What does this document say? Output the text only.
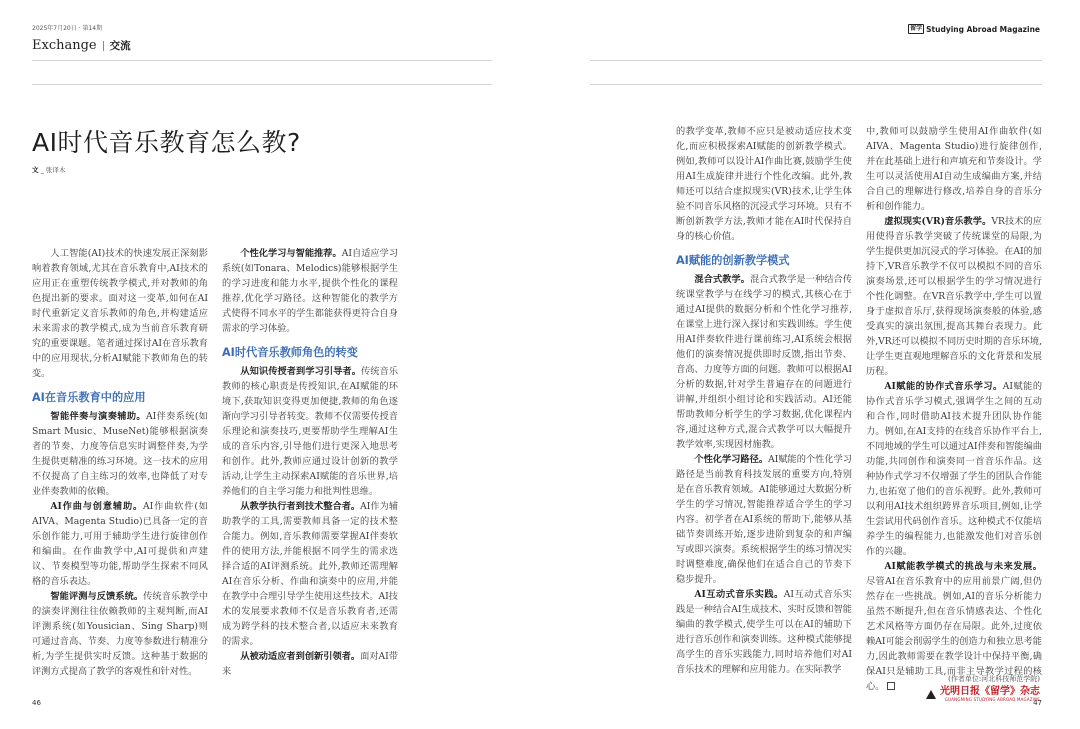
2025年7月20日 · 第14期
Exchange 交流
留学 Studying Abroad Magazine
AI时代音乐教育怎么教?
文 _ 张译木

人工智能(AI)技术的快速发展正深刻影响着教育领域,尤其在音乐教育中,AI技术的应用正在重塑传统教学模式,并对教师的角色提出新的要求。面对这一变革,如何在AI时代重新定义音乐教师的角色,并构建适应未来需求的教学模式,成为当前音乐教育研究的重要课题。笔者通过探讨AI在音乐教育中的应用现状,分析AI赋能下教师角色的转变。

AI在音乐教育中的应用

智能伴奏与演奏辅助。AI伴奏系统(如Smart Music、MuseNet)能够根据演奏者的节奏、力度等信息实时调整伴奏,为学生提供更精准的练习环境。这一技术的应用不仅提高了自主练习的效率,也降低了对专业伴奏教师的依赖。

AI作曲与创意辅助。AI作曲软件(如AIVA、Magenta Studio)已具备一定的音乐创作能力,可用于辅助学生进行旋律创作和编曲。在作曲教学中,AI可提供和声建议、节奏模型等功能,帮助学生探索不同风格的音乐表达。

智能评测与反馈系统。传统音乐教学中的演奏评测往往依赖教师的主观判断,而AI评测系统(如Yousician、Sing Sharp)则可通过音高、节奏、力度等参数进行精准分析,为学生提供实时反馈。这种基于数据的评测方式提高了教学的客观性和针对性。

个性化学习与智能推荐。AI自适应学习系统(如Tonara、Melodics)能够根据学生的学习进度和能力水平,提供个性化的课程推荐,优化学习路径。这种智能化的教学方式使得不同水平的学生都能获得更符合自身需求的学习体验。

AI时代音乐教师角色的转变

从知识传授者到学习引导者。传统音乐教师的核心职责是传授知识,在AI赋能的环境下,获取知识变得更加便捷,教师的角色逐渐向学习引导者转变。教师不仅需要传授音乐理论和演奏技巧,更要帮助学生理解AI生成的音乐内容,引导他们进行更深入地思考和创作。此外,教师应通过设计创新的教学活动,让学生主动探索AI赋能的音乐世界,培养他们的自主学习能力和批判性思维。

从教学执行者到技术整合者。AI作为辅助教学的工具,需要教师具备一定的技术整合能力。例如,音乐教师需要掌握AI伴奏软件的使用方法,并能根据不同学生的需求选择合适的AI评测系统。此外,教师还需理解AI在音乐分析、作曲和演奏中的应用,并能在教学中合理引导学生使用这些技术。AI技术的发展要求教师不仅是音乐教育者,还需成为跨学科的技术整合者,以适应未来教育的需求。

从被动适应者到创新引领者。面对AI带来

的教学变革,教师不应只是被动适应技术变化,而应积极探索AI赋能的创新教学模式。例如,教师可以设计AI作曲比赛,鼓励学生使用AI生成旋律并进行个性化改编。此外,教师还可以结合虚拟现实(VR)技术,让学生体验不同音乐风格的沉浸式学习环境。只有不断创新教学方法,教师才能在AI时代保持自身的核心价值。

AI赋能的创新教学模式

混合式教学。混合式教学是一种结合传统课堂教学与在线学习的模式,其核心在于通过AI提供的数据分析和个性化学习推荐,在课堂上进行深入探讨和实践训练。学生使用AI伴奏软件进行课前练习,AI系统会根据他们的演奏情况提供即时反馈,指出节奏、音高、力度等方面的问题。教师可以根据AI分析的数据,针对学生普遍存在的问题进行讲解,并组织小组讨论和实践活动。AI还能帮助教师分析学生的学习数据,优化课程内容,通过这种方式,混合式教学可以大幅提升教学效率,实现因材施教。

个性化学习路径。AI赋能的个性化学习路径是当前教育科技发展的重要方向,特别是在音乐教育领域。AI能够通过大数据分析学生的学习情况,智能推荐适合学生的学习内容。初学者在AI系统的帮助下,能够从基础节奏训练开始,逐步进阶到复杂的和声编写或即兴演奏。系统根据学生的练习情况实时调整难度,确保他们在适合自己的节奏下稳步提升。

AI互动式音乐实践。AI互动式音乐实践是一种结合AI生成技术、实时反馈和智能编曲的教学模式,使学生可以在AI的辅助下进行音乐创作和演奏训练。这种模式能够提高学生的音乐实践能力,同时培养他们对AI音乐技术的理解和应用能力。在实际教学

中,教师可以鼓励学生使用AI作曲软件(如AIVA、Magenta Studio)进行旋律创作,并在此基础上进行和声填充和节奏设计。学生可以灵活使用AI自动生成编曲方案,并结合自己的理解进行修改,培养自身的音乐分析和创作能力。

虚拟现实(VR)音乐教学。VR技术的应用使得音乐教学突破了传统课堂的局限,为学生提供更加沉浸式的学习体验。在AI的加持下,VR音乐教学不仅可以模拟不同的音乐演奏场景,还可以根据学生的学习情况进行个性化调整。在VR音乐教学中,学生可以置身于虚拟音乐厅,获得现场演奏般的体验,感受真实的演出氛围,提高其舞台表现力。此外,VR还可以模拟不同历史时期的音乐环境,让学生更直观地理解音乐的文化背景和发展历程。

AI赋能的协作式音乐学习。AI赋能的协作式音乐学习模式,强调学生之间的互动和合作,同时借助AI技术提升团队协作能力。例如,在AI支持的在线音乐协作平台上,不同地域的学生可以通过AI伴奏和智能编曲功能,共同创作和演奏同一首音乐作品。这种协作式学习不仅增强了学生的团队合作能力,也拓宽了他们的音乐视野。此外,教师可以利用AI技术组织跨界音乐项目,例如,让学生尝试用代码创作音乐。这种模式不仅能培养学生的编程能力,也能激发他们对音乐创作的兴趣。

AI赋能教学模式的挑战与未来发展。尽管AI在音乐教育中的应用前景广阔,但仍然存在一些挑战。例如,AI的音乐分析能力虽然不断提升,但在音乐情感表达、个性化艺术风格等方面仍存在局限。此外,过度依赖AI可能会削弱学生的创造力和独立思考能力,因此教师需要在教学设计中保持平衡,确保AI只是辅助工具,而非主导教学过程的核心。

(作者单位:河北科技师范学院)
光明日报《留学》杂志
GUANGMING STUDYING ABROAD MAGAZINE
46	47
